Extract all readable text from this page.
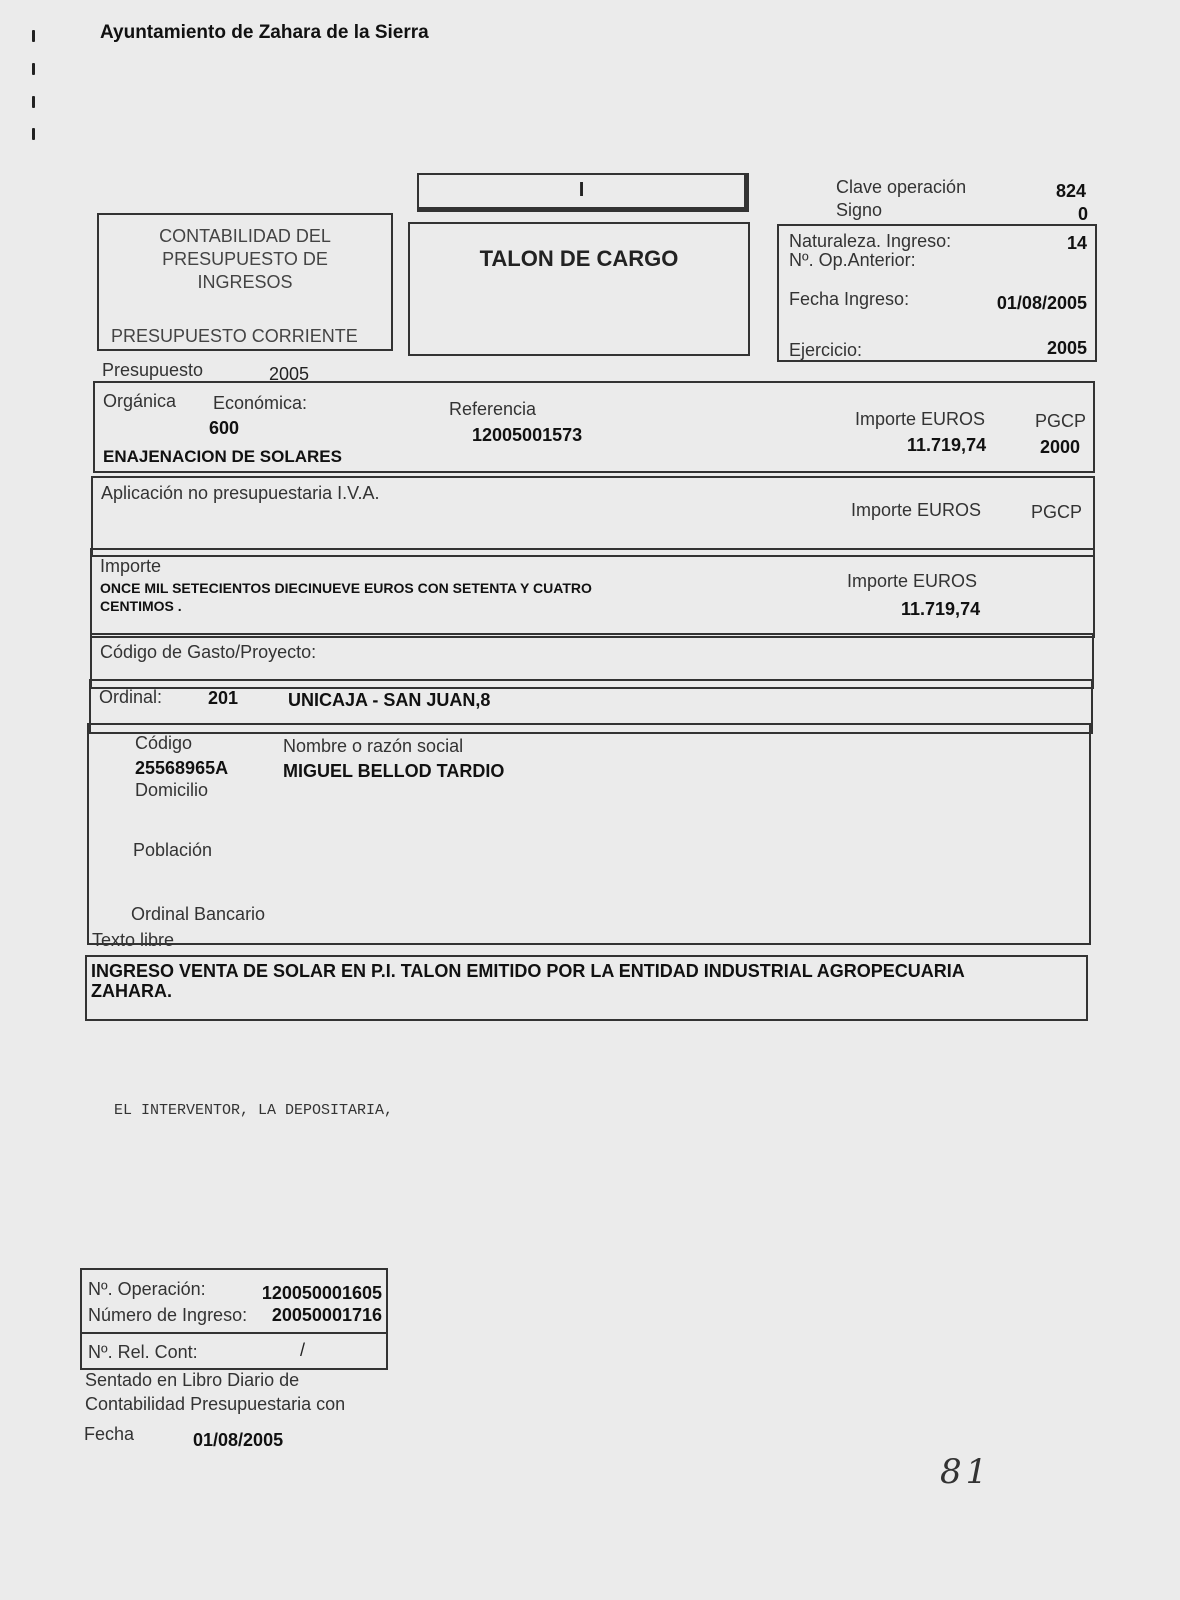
Ayuntamiento de Zahara de la Sierra
I
CONTABILIDAD DEL
PRESUPUESTO DE
INGRESOS
PRESUPUESTO CORRIENTE
TALON DE CARGO
Clave operación	824
Signo	0
Naturaleza. Ingreso:	14
Nº. Op.Anterior:
Fecha Ingreso:	01/08/2005
Ejercicio:	2005
Presupuesto	2005
Orgánica Económica:
600
ENAJENACION DE SOLARES
Referencia
12005001573
Importe EUROS
11.719,74
PGCP
2000
Aplicación no presupuestaria I.V.A.
Importe EUROS	PGCP
Importe
ONCE MIL SETECIENTOS DIECINUEVE EUROS CON SETENTA Y CUATRO
CENTIMOS .
Importe EUROS
11.719,74
Código de Gasto/Proyecto:
Ordinal:	201	UNICAJA - SAN JUAN,8
Código
25568965A
Nombre o razón social
MIGUEL BELLOD TARDIO
Domicilio
Población
Ordinal Bancario
Texto libre
INGRESO VENTA DE SOLAR EN P.I. TALON EMITIDO POR LA ENTIDAD INDUSTRIAL AGROPECUARIA
ZAHARA.
EL INTERVENTOR, LA DEPOSITARIA,
Nº. Operación:	120050001605
Número de Ingreso: 20050001716
Nº. Rel. Cont:	/
Sentado en Libro Diario de
Contabilidad Presupuestaria con
Fecha	01/08/2005
81
